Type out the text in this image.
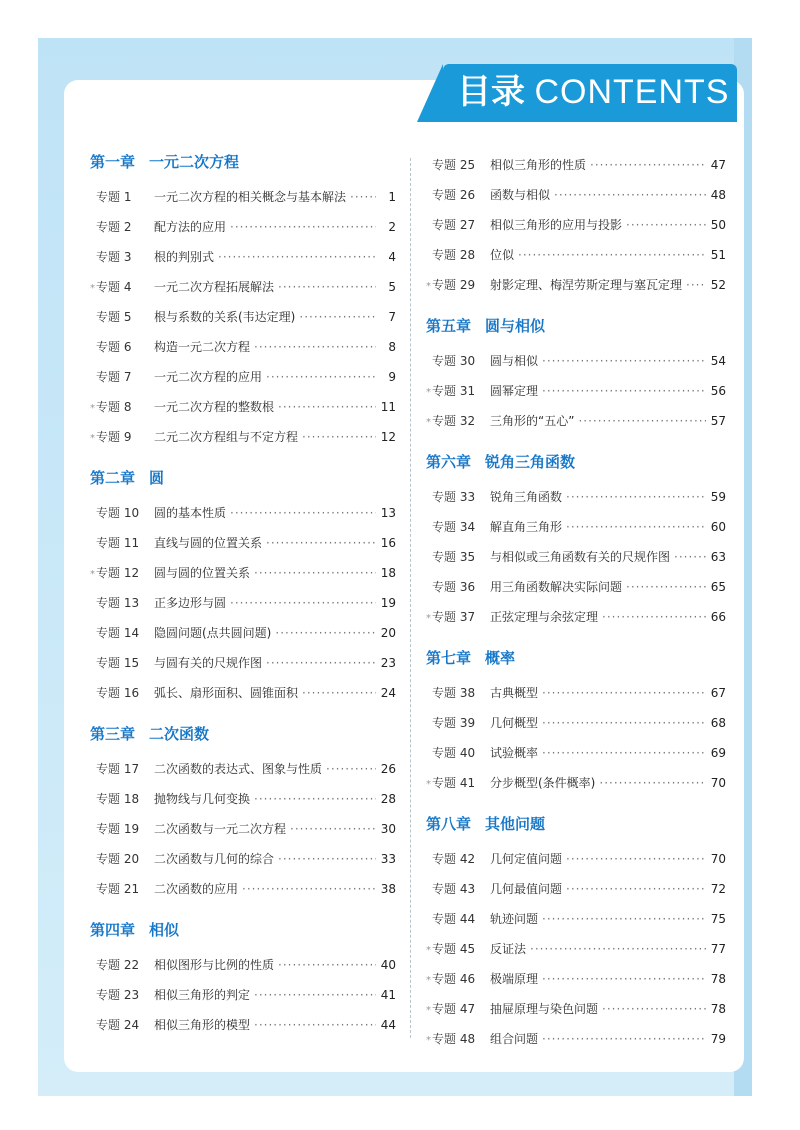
目录 CONTENTS
第一章 一元二次方程
专题 1	一元二次方程的相关概念与基本解法 ·····	1
专题 2	配方法的应用 ·····	2
专题 3	根的判别式 ·····	4
* 专题 4	一元二次方程拓展解法 ·····	5
专题 5	根与系数的关系(韦达定理) ·····	7
专题 6	构造一元二次方程 ·····	8
专题 7	一元二次方程的应用 ·····	9
* 专题 8	一元二次方程的整数根 ·····	11
* 专题 9	二元二次方程组与不定方程 ·····	12
第二章 圆
专题 10	圆的基本性质 ·····	13
专题 11	直线与圆的位置关系 ·····	16
* 专题 12	圆与圆的位置关系 ·····	18
专题 13	正多边形与圆 ·····	19
专题 14	隐圆问题(点共圆问题) ·····	20
专题 15	与圆有关的尺规作图 ·····	23
专题 16	弧长、扇形面积、圆锥面积 ·····	24
第三章 二次函数
专题 17	二次函数的表达式、图象与性质 ·····	26
专题 18	抛物线与几何变换 ·····	28
专题 19	二次函数与一元二次方程 ·····	30
专题 20	二次函数与几何的综合 ·····	33
专题 21	二次函数的应用 ·····	38
第四章 相似
专题 22	相似图形与比例的性质 ·····	40
专题 23	相似三角形的判定 ·····	41
专题 24	相似三角形的模型 ·····	44
专题 25	相似三角形的性质 ·····	47
专题 26	函数与相似 ·····	48
专题 27	相似三角形的应用与投影 ·····	50
专题 28	位似 ·····	51
* 专题 29	射影定理、梅涅劳斯定理与塞瓦定理 ····· 52
第五章 圆与相似
专题 30	圆与相似 ·····	54
* 专题 31	圆幂定理 ·····	56
* 专题 32	三角形的“五心” ·····	57
第六章 锐角三角函数
专题 33	锐角三角函数 ·····	59
专题 34	解直角三角形 ·····	60
专题 35	与相似或三角函数有关的尺规作图 ·····	63
专题 36	用三角函数解决实际问题 ·····	65
* 专题 37	正弦定理与余弦定理 ·····	66
第七章 概率
专题 38	古典概型 ·····	67
专题 39	几何概型 ·····	68
专题 40	试验概率 ·····	69
* 专题 41	分步概型(条件概率) ·····	70
第八章 其他问题
专题 42	几何定值问题 ·····	70
专题 43	几何最值问题 ·····	72
专题 44	轨迹问题 ·····	75
* 专题 45	反证法 ·····	77
* 专题 46	极端原理 ·····	78
* 专题 47	抽屉原理与染色问题 ·····	78
* 专题 48	组合问题 ·····	79
